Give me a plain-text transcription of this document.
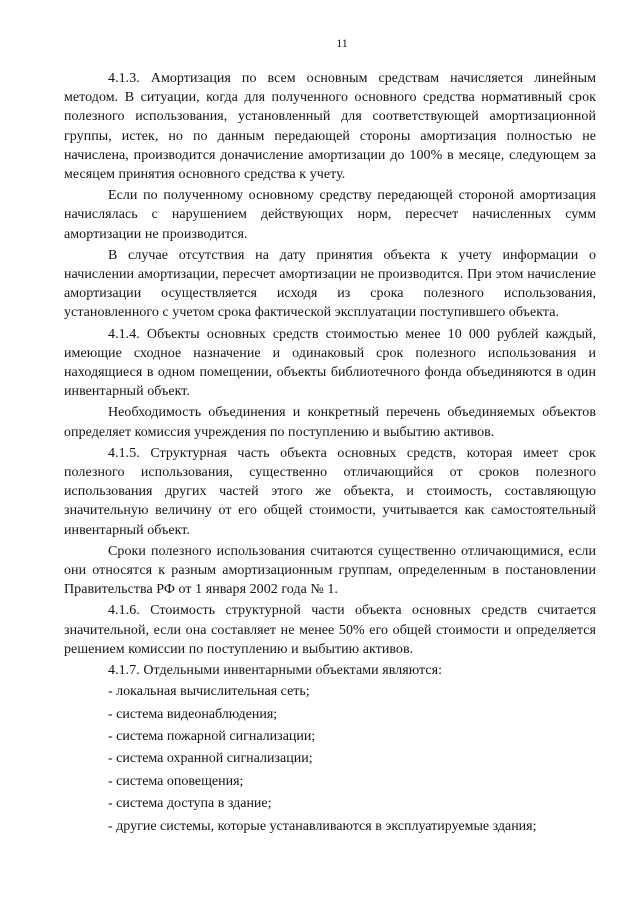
11

4.1.3. Амортизация по всем основным средствам начисляется линейным методом. В ситуации, когда для полученного основного средства нормативный срок полезного использования, установленный для соответствующей амортизационной группы, истек, но по данным передающей стороны амортизация полностью не начислена, производится доначисление амортизации до 100% в месяце, следующем за месяцем принятия основного средства к учету.

Если по полученному основному средству передающей стороной амортизация начислялась с нарушением действующих норм, пересчет начисленных сумм амортизации не производится.

В случае отсутствия на дату принятия объекта к учету информации о начислении амортизации, пересчет амортизации не производится. При этом начисление амортизации осуществляется исходя из срока полезного использования, установленного с учетом срока фактической эксплуатации поступившего объекта.

4.1.4. Объекты основных средств стоимостью менее 10 000 рублей каждый, имеющие сходное назначение и одинаковый срок полезного использования и находящиеся в одном помещении, объекты библиотечного фонда объединяются в один инвентарный объект.

Необходимость объединения и конкретный перечень объединяемых объектов определяет комиссия учреждения по поступлению и выбытию активов.

4.1.5. Структурная часть объекта основных средств, которая имеет срок полезного использования, существенно отличающийся от сроков полезного использования других частей этого же объекта, и стоимость, составляющую значительную величину от его общей стоимости, учитывается как самостоятельный инвентарный объект.

Сроки полезного использования считаются существенно отличающимися, если они относятся к разным амортизационным группам, определенным в постановлении Правительства РФ от 1 января 2002 года № 1.

4.1.6. Стоимость структурной части объекта основных средств считается значительной, если она составляет не менее 50% его общей стоимости и определяется решением комиссии по поступлению и выбытию активов.

4.1.7. Отдельными инвентарными объектами являются:

- локальная вычислительная сеть;
- система видеонаблюдения;
- система пожарной сигнализации;
- система охранной сигнализации;
- система оповещения;
- система доступа в здание;
- другие системы, которые устанавливаются в эксплуатируемые здания;
